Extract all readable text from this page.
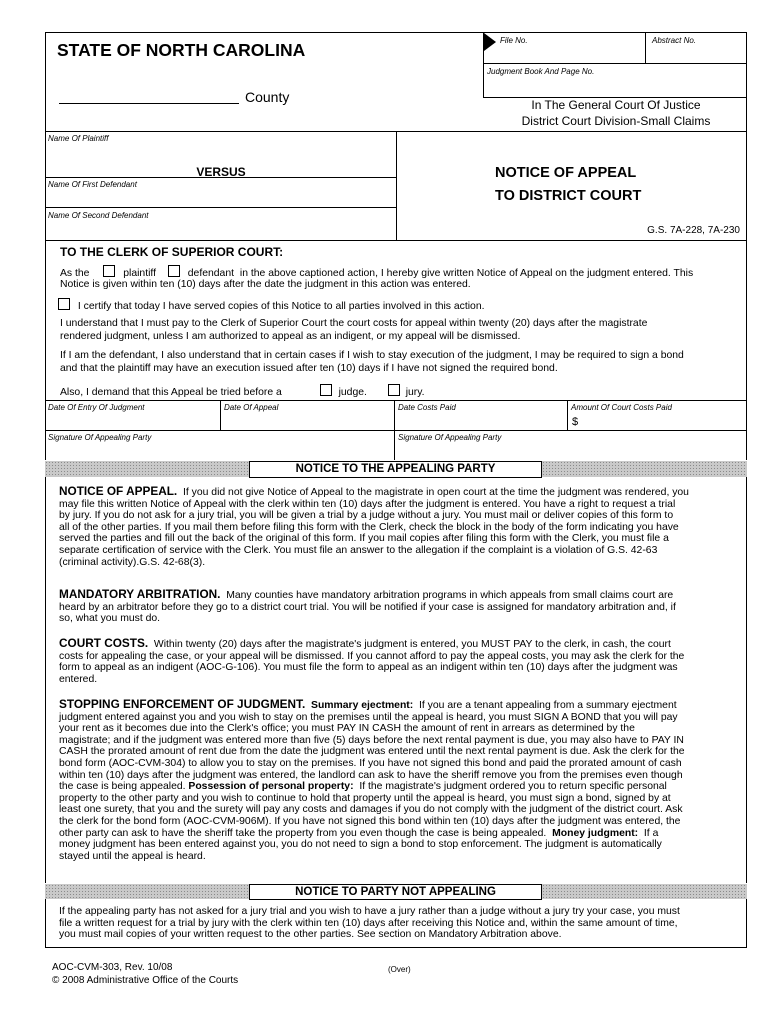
STATE OF NORTH CAROLINA
County
File No.	Abstract No.
Judgment Book And Page No.
In The General Court Of Justice
District Court Division-Small Claims
Name Of Plaintiff
VERSUS
Name Of First Defendant
Name Of Second Defendant
NOTICE OF APPEAL
TO DISTRICT COURT
G.S. 7A-228, 7A-230
TO THE CLERK OF SUPERIOR COURT:
As the	plaintiff	defendant in the above captioned action, I hereby give written Notice of Appeal on the judgment entered. This
Notice is given within ten (10) days after the date the judgment in this action was entered.
I certify that today I have served copies of this Notice to all parties involved in this action.
I understand that I must pay to the Clerk of Superior Court the court costs for appeal within twenty (20) days after the magistrate
rendered judgment, unless I am authorized to appeal as an indigent, or my appeal will be dismissed.
If I am the defendant, I also understand that in certain cases if I wish to stay execution of the judgment, I may be required to sign a bond
and that the plaintiff may have an execution issued after ten (10) days if I have not signed the required bond.
Also, I demand that this Appeal be tried before a	judge.	jury.
Date Of Entry Of Judgment	Date Of Appeal	Date Costs Paid	Amount Of Court Costs Paid
$
Signature Of Appealing Party	Signature Of Appealing Party
NOTICE TO THE APPEALING PARTY
NOTICE OF APPEAL. If you did not give Notice of Appeal to the magistrate in open court at the time the judgment was rendered, you
may file this written Notice of Appeal with the clerk within ten (10) days after the judgment is entered. You have a right to request a trial
by jury. If you do not ask for a jury trial, you will be given a trial by a judge without a jury. You must mail or deliver copies of this form to
all of the other parties. If you mail them before filing this form with the Clerk, check the block in the body of the form indicating you have
served the parties and fill out the back of the original of this form. If you mail copies after filing this form with the Clerk, you must file a
separate certification of service with the Clerk. You must file an answer to the allegation if the complaint is a violation of G.S. 42-63
(criminal activity).G.S. 42-68(3).
MANDATORY ARBITRATION. Many counties have mandatory arbitration programs in which appeals from small claims court are
heard by an arbitrator before they go to a district court trial. You will be notified if your case is assigned for mandatory arbitration and, if
so, what you must do.
COURT COSTS. Within twenty (20) days after the magistrate's judgment is entered, you MUST PAY to the clerk, in cash, the court
costs for appealing the case, or your appeal will be dismissed. If you cannot afford to pay the appeal costs, you may ask the clerk for the
form to appeal as an indigent (AOC-G-106). You must file the form to appeal as an indigent within ten (10) days after the judgment was
entered.
STOPPING ENFORCEMENT OF JUDGMENT. Summary ejectment: If you are a tenant appealing from a summary ejectment
judgment entered against you and you wish to stay on the premises until the appeal is heard, you must SIGN A BOND that you will pay
your rent as it becomes due into the Clerk's office; you must PAY IN CASH the amount of rent in arrears as determined by the
magistrate; and if the judgment was entered more than five (5) days before the next rental payment is due, you may also have to PAY IN
CASH the prorated amount of rent due from the date the judgment was entered until the next rental payment is due. Ask the clerk for the
bond form (AOC-CVM-304) to allow you to stay on the premises. If you have not signed this bond and paid the prorated amount of cash
within ten (10) days after the judgment was entered, the landlord can ask to have the sheriff remove you from the premises even though
the case is being appealed. Possession of personal property: If the magistrate's judgment ordered you to return specific personal
property to the other party and you wish to continue to hold that property until the appeal is heard, you must sign a bond, signed by at
least one surety, that you and the surety will pay any costs and damages if you do not comply with the judgment of the district court. Ask
the clerk for the bond form (AOC-CVM-906M). If you have not signed this bond within ten (10) days after the judgment was entered, the
other party can ask to have the sheriff take the property from you even though the case is being appealed. Money judgment: If a
money judgment has been entered against you, you do not need to sign a bond to stop enforcement. The judgment is automatically
stayed until the appeal is heard.
NOTICE TO PARTY NOT APPEALING
If the appealing party has not asked for a jury trial and you wish to have a jury rather than a judge without a jury try your case, you must
file a written request for a trial by jury with the clerk within ten (10) days after receiving this Notice and, within the same amount of time,
you must mail copies of your written request to the other parties. See section on Mandatory Arbitration above.
AOC-CVM-303, Rev. 10/08
© 2008 Administrative Office of the Courts
(Over)
